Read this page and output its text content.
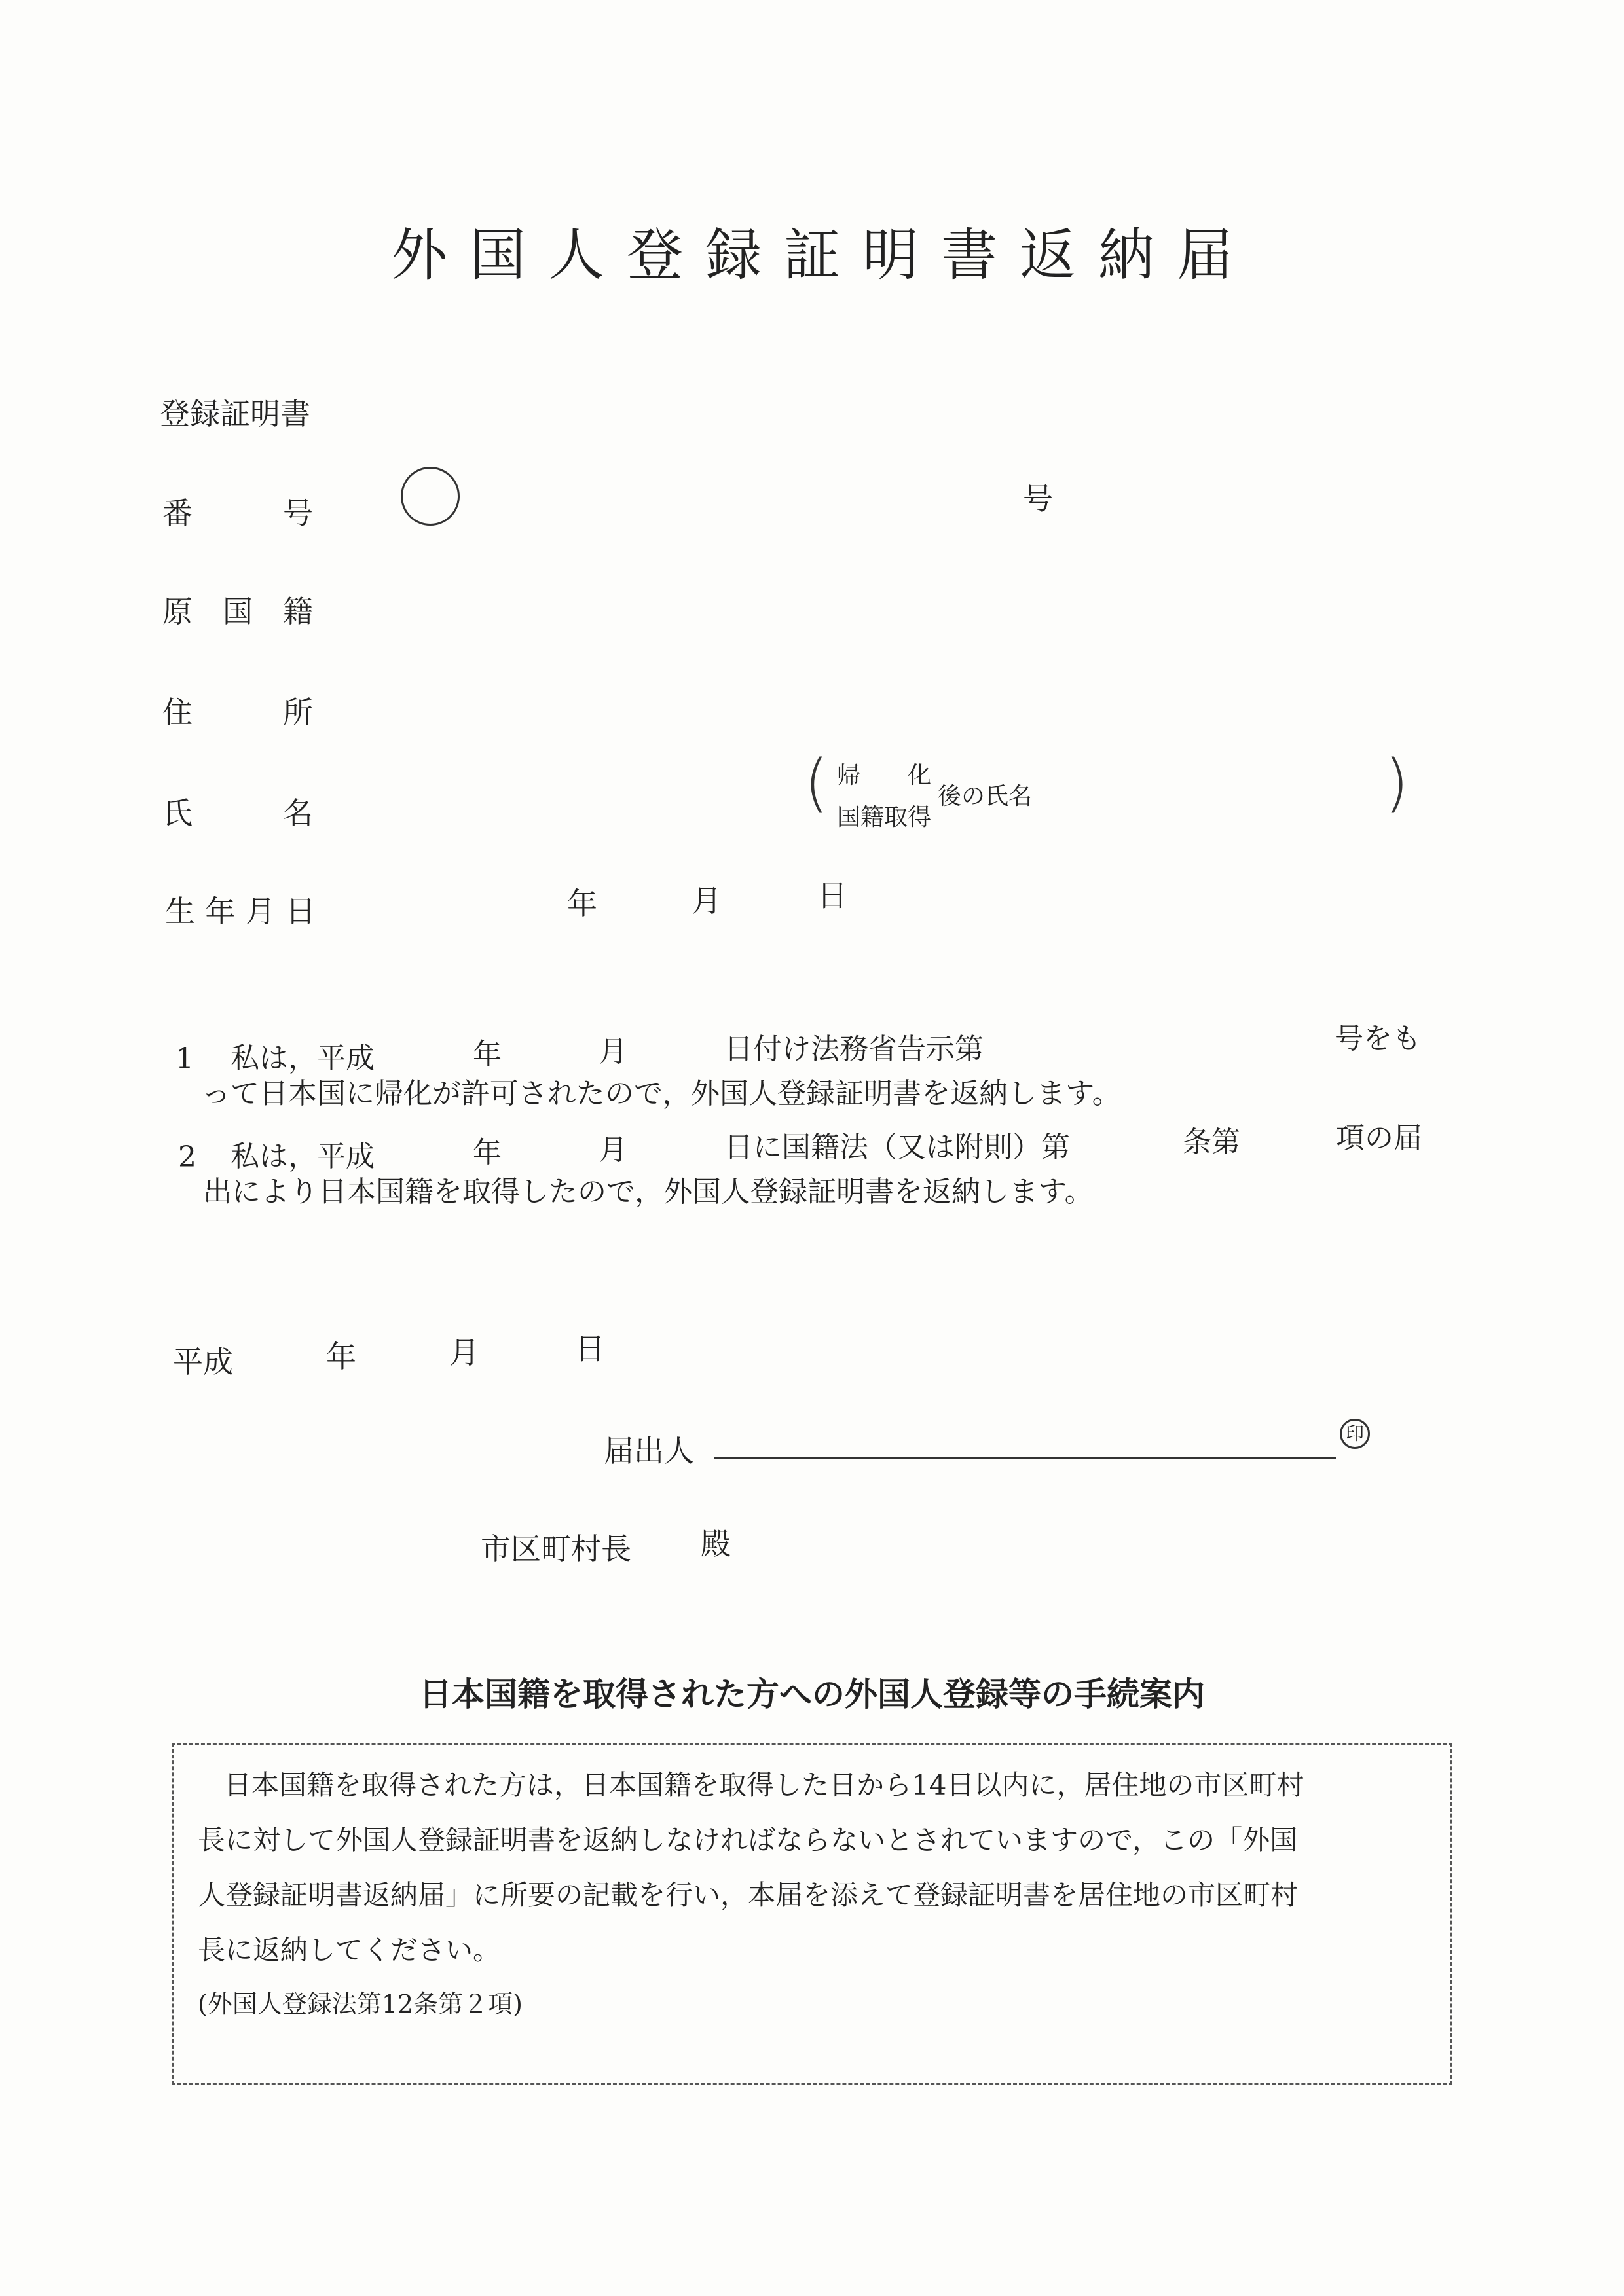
外国人登録証明書返納届
登録証明書
番	号	号
原 国 籍
住	所
氏	名	( 帰　　化
国籍取得
後の氏名	)
生 年 月 日	年	月	日
1 私は，平成	年	月	日付け法務省告示第	号をも
って日本国に帰化が許可されたので，外国人登録証明書を返納します。
2 私は，平成	年	月	日に国籍法（又は附則）第	条第	項の届
出により日本国籍を取得したので，外国人登録証明書を返納します。
平成	年	月	日
届出人	印
市区町村長 殿
日本国籍を取得された方への外国人登録等の手続案内
日本国籍を取得された方は，日本国籍を取得した日から14日以内に，居住地の市区町村
長に対して外国人登録証明書を返納しなければならないとされていますので，この「外国
人登録証明書返納届」に所要の記載を行い，本届を添えて登録証明書を居住地の市区町村
長に返納してください。
(外国人登録法第12条第２項)
